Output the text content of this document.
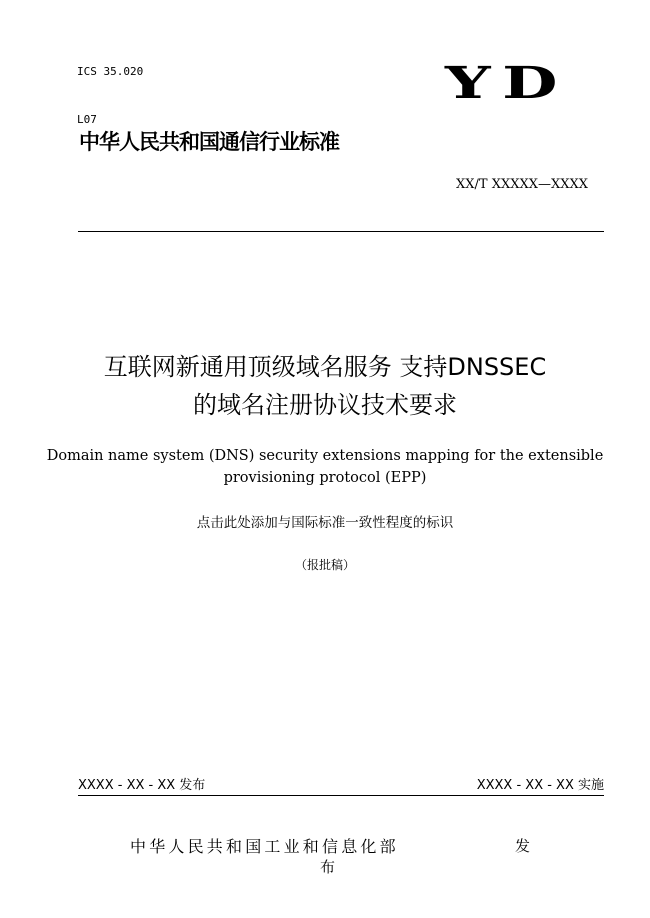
ICS 35.020

L07

YD
中华人民共和国通信行业标准
XX/T XXXXX—XXXX
互联网新通用顶级域名服务 支持DNSSEC
的域名注册协议技术要求
Domain name system (DNS) security extensions mapping for the extensible
provisioning protocol (EPP)
点击此处添加与国际标准一致性程度的标识
（报批稿）
XXXX - XX - XX 发布	XXXX - XX - XX 实施
中华人民共和国工业和信息化部	发
布
